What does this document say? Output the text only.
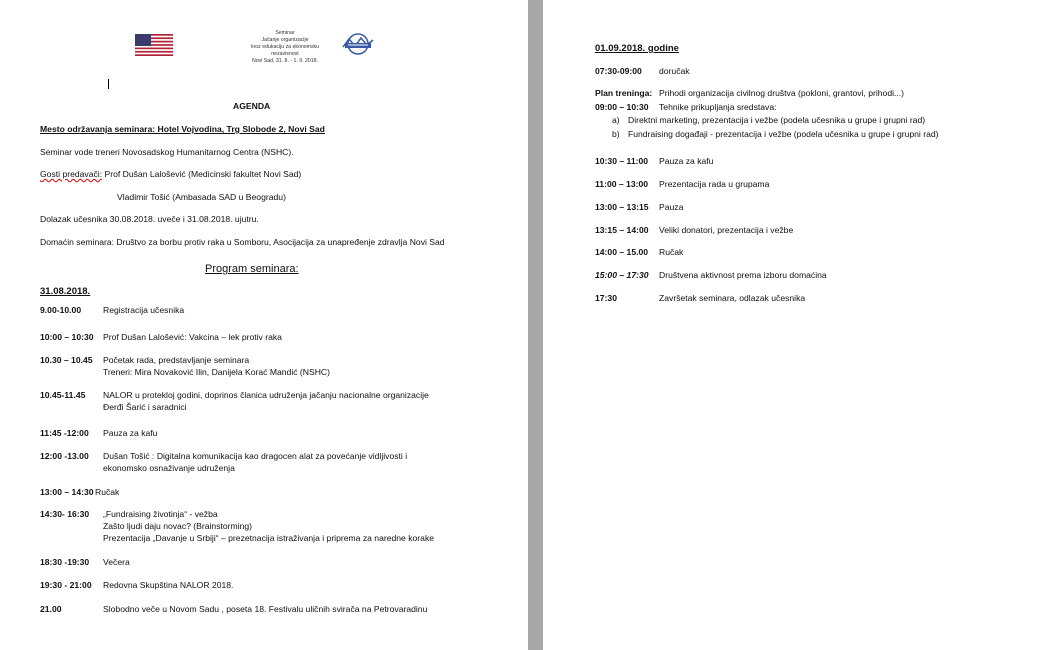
Seminar
Jačanje organizacije
kroz edukaciju za ekonomsku nezavisnost
Novi Sad, 31. 8. - 1. 9. 2018.
AGENDA
Mesto održavanja seminara: Hotel Vojvodina, Trg Slobode 2, Novi Sad
Seminar vode treneri Novosadskog Humanitarnog Centra (NSHC).
Gosti predavači: Prof Dušan Lalošević (Medicinski fakultet Novi Sad)
Vladimir Tošić (Ambasada SAD u Beogradu)
Dolazak učesnika 30.08.2018. uveče i 31.08.2018. ujutru.
Domaćin seminara: Društvo za borbu protiv raka u Somboru, Asocijacija za unapređenje zdravlja Novi Sad
Program seminara:
31.08.2018.
9.00-10.00	Registracija učesnika
10:00 – 10:30 Prof Dušan Lalošević: Vakcina – lek protiv raka
10.30 – 10.45 Početak rada, predstavljanje seminara
Treneri: Mira Novaković Ilin, Danijela Korać Mandić (NSHC)
10.45-11.45 NALOR u protekloj godini, doprinos članica udruženja jačanju nacionalne organizacije
Đerđi Šarić i saradnici
11:45 -12:00 Pauza za kafu
12:00 -13.00 Dušan Tošić : Digitalna komunikacija kao dragocen alat za povećanje vidljivosti i
ekonomsko osnaživanje udruženja
13:00 – 14:30 Ručak
14:30- 16:30 „Fundraising životinja“ - vežba
Zašto ljudi daju novac? (Brainstorming)
Prezentacija „Davanje u Srbiji“ – prezetnacija istraživanja i priprema za naredne korake
18:30 -19:30 Večera
19:30 - 21:00 Redovna Skupština NALOR 2018.
21.00	Slobodno veče u Novom Sadu , poseta 18. Festivalu uličnih svirača na Petrovaradinu
01.09.2018. godine
07:30-09:00 doručak
Plan treninga: Prihodi organizacija civilnog društva (pokloni, grantovi, prihodi...)
09:00 – 10:30 Tehnike prikupljanja sredstava:
a) Direktni marketing, prezentacija i vežbe (podela učesnika u grupe i grupni rad)
b) Fundraising događaji - prezentacija i vežbe (podela učesnika u grupe i grupni rad)
10:30 – 11:00 Pauza za kafu
11:00 – 13:00 Prezentacija rada u grupama
13:00 – 13:15 Pauza
13:15 – 14:00 Veliki donatori, prezentacija i vežbe
14:00 – 15.00 Ručak
15:00 – 17:30 Društvena aktivnost prema izboru domaćina
17:30	Završetak seminara, odlazak učesnika
